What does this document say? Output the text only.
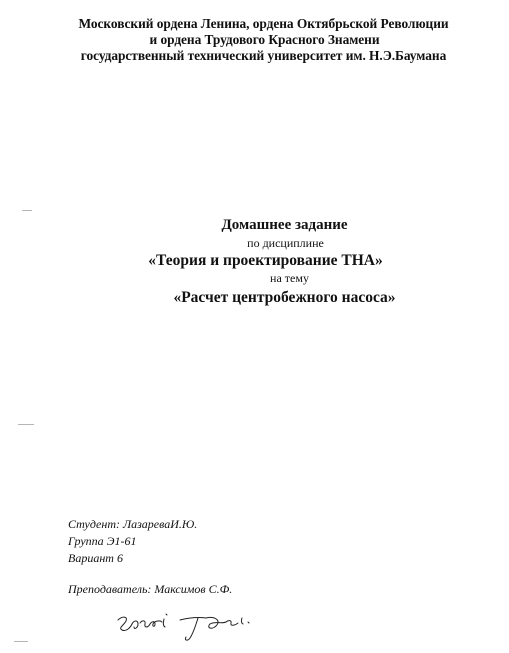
Московский ордена Ленина, ордена Октябрьской Революции
и ордена Трудового Красного Знамени
государственный технический университет им. Н.Э.Баумана
Домашнее задание
по дисциплине
«Теория и проектирование ТНА»
на тему
«Расчет центробежного насоса»
Студент: ЛазареваИ.Ю.
Группа Э1-61
Вариант 6
Преподаватель: Максимов С.Ф.
